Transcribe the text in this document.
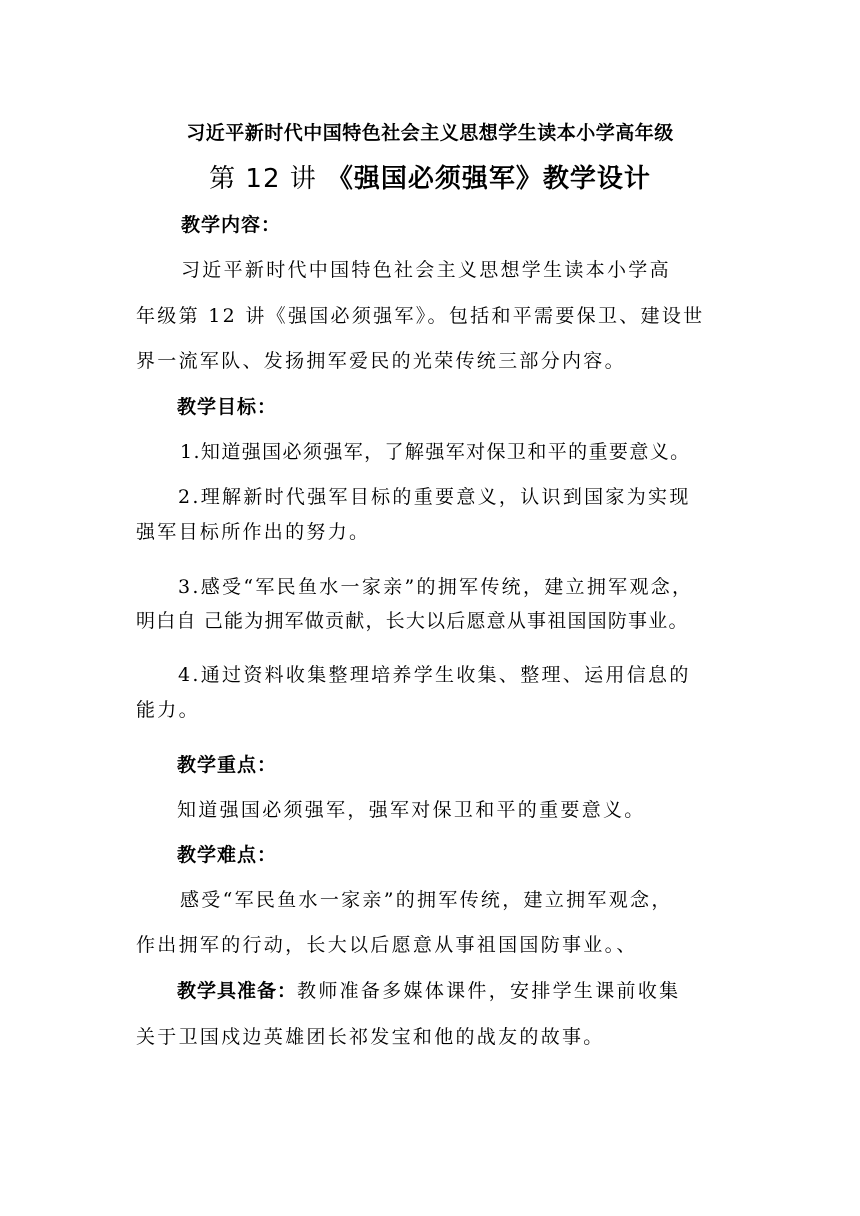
习近平新时代中国特色社会主义思想学生读本小学高年级
第 12 讲 《强国必须强军》教学设计
教学内容：
习近平新时代中国特色社会主义思想学生读本小学高
年级第 12 讲《强国必须强军》。包括和平需要保卫、建设世
界一流军队、发扬拥军爱民的光荣传统三部分内容。
教学目标：
1.知道强国必须强军，了解强军对保卫和平的重要意义。
2.理解新时代强军目标的重要意义，认识到国家为实现
强军目标所作出的努力。
3.感受“军民鱼水一家亲”的拥军传统，建立拥军观念，
明白自 己能为拥军做贡献，长大以后愿意从事祖国国防事业。
4.通过资料收集整理培养学生收集、整理、运用信息的
能力。
教学重点：
知道强国必须强军，强军对保卫和平的重要意义。
教学难点：
感受“军民鱼水一家亲”的拥军传统，建立拥军观念，
作出拥军的行动，长大以后愿意从事祖国国防事业。、
教学具准备：教师准备多媒体课件，安排学生课前收集
关于卫国戍边英雄团长祁发宝和他的战友的故事。
